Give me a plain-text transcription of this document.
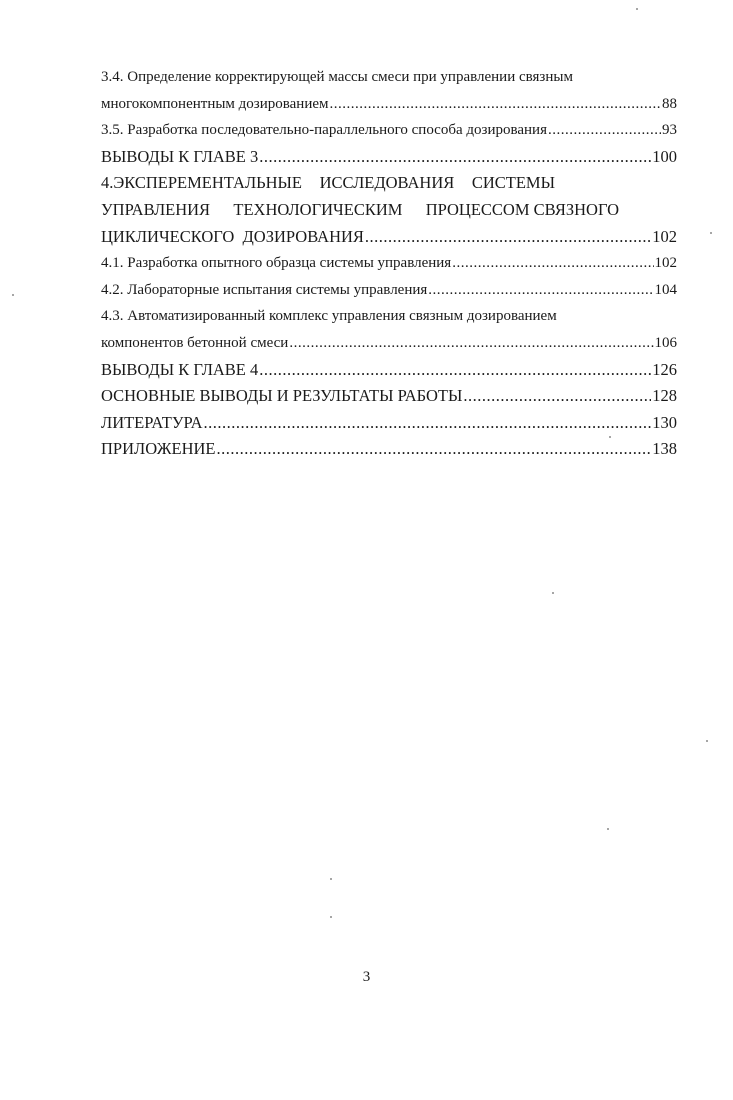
3.4. Определение корректирующей массы смеси при управлении связным
многокомпонентным дозированием .....	88
3.5. Разработка последовательно-параллельного способа дозирования .....	93
ВЫВОДЫ К ГЛАВЕ 3 .....	100
4.ЭКСПЕРЕМЕНТАЛЬНЫЕ ИССЛЕДОВАНИЯ СИСТЕМЫ
УПРАВЛЕНИЯ ТЕХНОЛОГИЧЕСКИМ ПРОЦЕССОМ СВЯЗНОГО
ЦИКЛИЧЕСКОГО  ДОЗИРОВАНИЯ .....	102
4.1. Разработка опытного образца системы управления .....	102
4.2. Лабораторные испытания системы управления .....	104
4.3. Автоматизированный комплекс управления связным дозированием
компонентов бетонной смеси .....	106
ВЫВОДЫ К ГЛАВЕ 4 .....	126
ОСНОВНЫЕ ВЫВОДЫ И РЕЗУЛЬТАТЫ РАБОТЫ .....	128
ЛИТЕРАТУРА .....	130
ПРИЛОЖЕНИЕ .....	138
3
